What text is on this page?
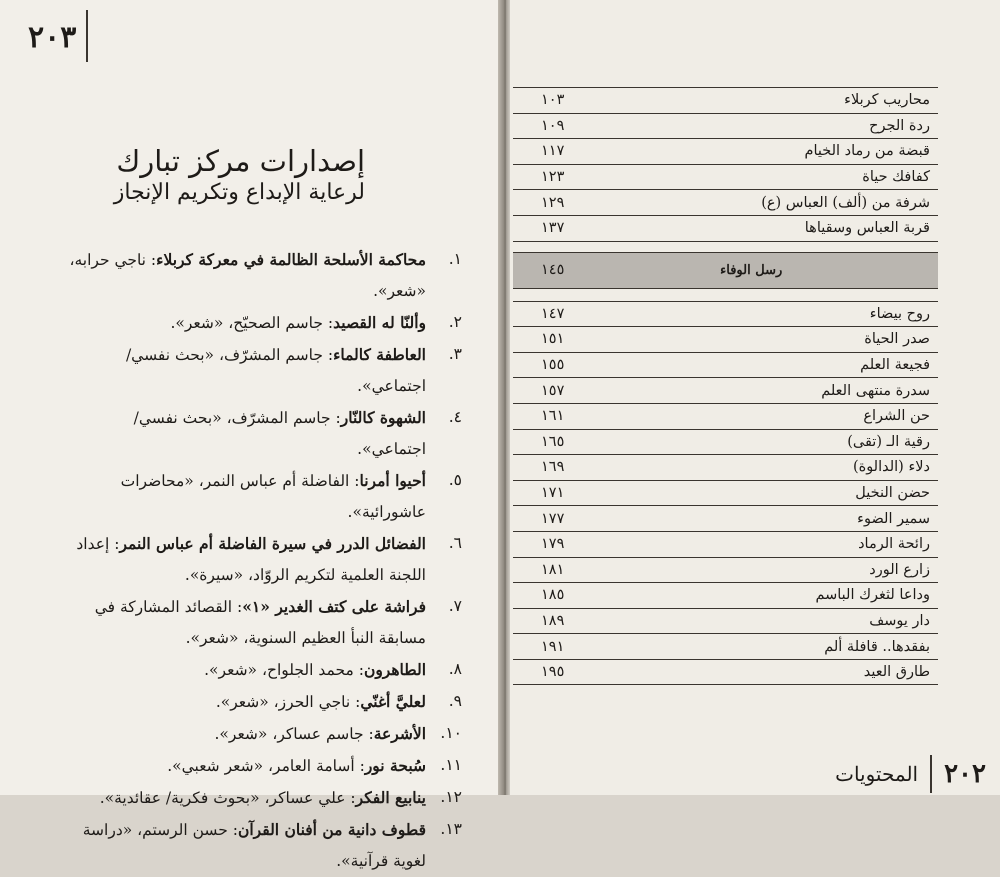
٢٠٣
إصدارات مركز تبارك
لرعاية الإبداع وتكريم الإنجاز
١.
محاكمة الأسلحة الظالمة في معركة كربلاء: ناجي حرابه، «شعر».
٢.
وألنّا له القصيد: جاسم الصحيّح، «شعر».
٣.
العاطفة كالماء: جاسم المشرّف، «بحث نفسي/ اجتماعي».
٤.
الشهوة كالنّار: جاسم المشرّف، «بحث نفسي/ اجتماعي».
٥.
أحيوا أمرنا: الفاضلة أم عباس النمر، «محاضرات عاشورائية».
٦.
الفضائل الدرر في سيرة الفاضلة أم عباس النمر: إعداد اللجنة العلمية لتكريم الروّاد، «سيرة».
٧.
فراشة على كتف الغدير «١»: القصائد المشاركة في مسابقة النبأ العظيم السنوية، «شعر».
٨.
الطاهرون: محمد الجلواح، «شعر».
٩.
لعليَّ أغنّي: ناجي الحرز، «شعر».
١٠.
الأشرعة: جاسم عساكر، «شعر».
١١.
سُبحة نور: أسامة العامر، «شعر شعبي».
١٢.
ينابيع الفكر: علي عساكر، «بحوث فكرية/ عقائدية».
١٣.
قطوف دانية من أفنان القرآن: حسن الرستم، «دراسة لغوية قرآنية».
محاريب كربلاء
١٠٣
ردة الجرح
١٠٩
قبضة من رماد الخيام
١١٧
كفافك حياة
١٢٣
شرفة من (ألف) العباس (ع)
١٢٩
قربة العباس وسقياها
١٣٧
رسل الوفاء
١٤٥
روح بيضاء
١٤٧
صدر الحياة
١٥١
فجيعة العلم
١٥٥
سدرة منتهى العلم
١٥٧
حن الشراع
١٦١
رقية الـ (تقى)
١٦٥
دلاء (الدالوة)
١٦٩
حضن النخيل
١٧١
سمير الضوء
١٧٧
رائحة الرماد
١٧٩
زارع الورد
١٨١
وداعا لثغرك الباسم
١٨٥
دار يوسف
١٨٩
بفقدها.. قافلة ألم
١٩١
طارق العيد
١٩٥
٢٠٢
المحتويات
